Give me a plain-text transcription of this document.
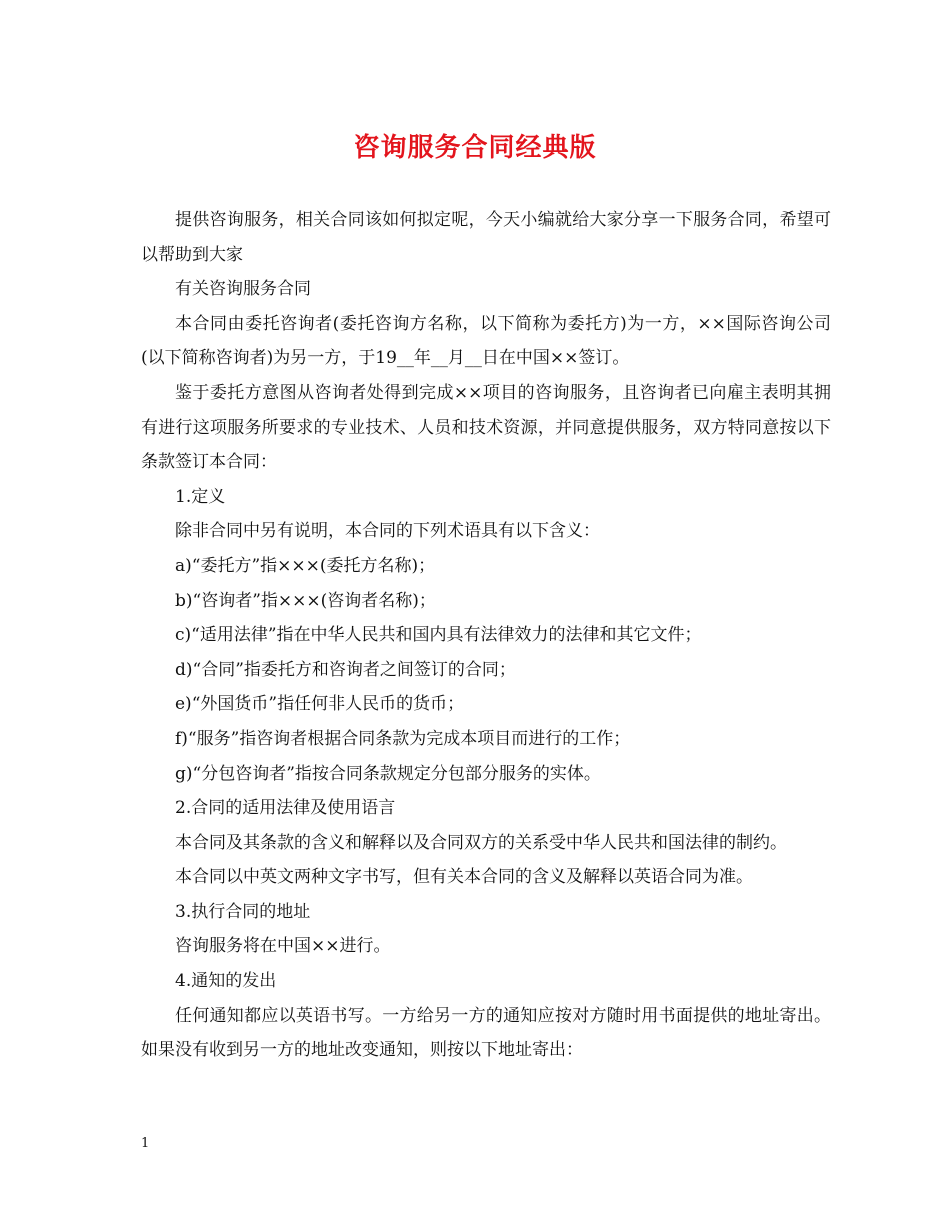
咨询服务合同经典版

提供咨询服务，相关合同该如何拟定呢，今天小编就给大家分享一下服务合同，希望可以帮助到大家

有关咨询服务合同

本合同由委托咨询者(委托咨询方名称，以下简称为委托方)为一方，××国际咨询公司(以下简称咨询者)为另一方，于19__年__月__日在中国××签订。

鉴于委托方意图从咨询者处得到完成××项目的咨询服务，且咨询者已向雇主表明其拥有进行这项服务所要求的专业技术、人员和技术资源，并同意提供服务，双方特同意按以下条款签订本合同：

1.定义

除非合同中另有说明，本合同的下列术语具有以下含义：

a)“委托方”指×××(委托方名称)；

b)“咨询者”指×××(咨询者名称)；

c)“适用法律”指在中华人民共和国内具有法律效力的法律和其它文件；

d)“合同”指委托方和咨询者之间签订的合同；

e)“外国货币”指任何非人民币的货币；

f)“服务”指咨询者根据合同条款为完成本项目而进行的工作；

g)“分包咨询者”指按合同条款规定分包部分服务的实体。

2.合同的适用法律及使用语言

本合同及其条款的含义和解释以及合同双方的关系受中华人民共和国法律的制约。

本合同以中英文两种文字书写，但有关本合同的含义及解释以英语合同为准。

3.执行合同的地址

咨询服务将在中国××进行。

4.通知的发出

任何通知都应以英语书写。一方给另一方的通知应按对方随时用书面提供的地址寄出。如果没有收到另一方的地址改变通知，则按以下地址寄出：

1
